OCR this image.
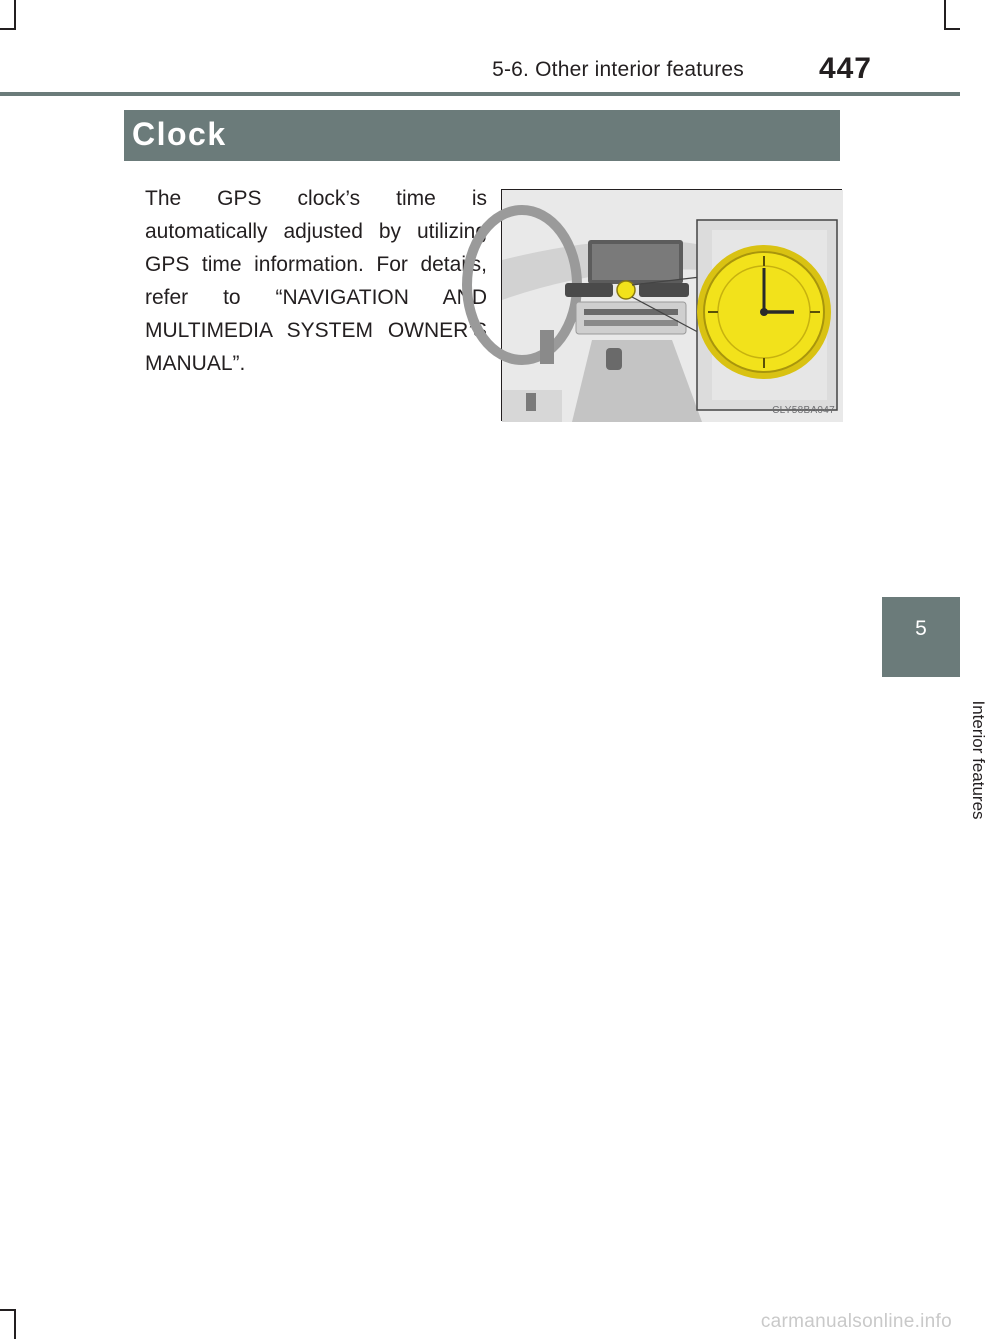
5-6. Other interior features 447
Clock
The GPS clock’s time is automatically adjusted by utilizing GPS time information. For details, refer to “NAVIGATION AND MULTIMEDIA SYSTEM OWNER’S MANUAL”.
CLY58BA047
5
Interior features
carmanualsonline.info
